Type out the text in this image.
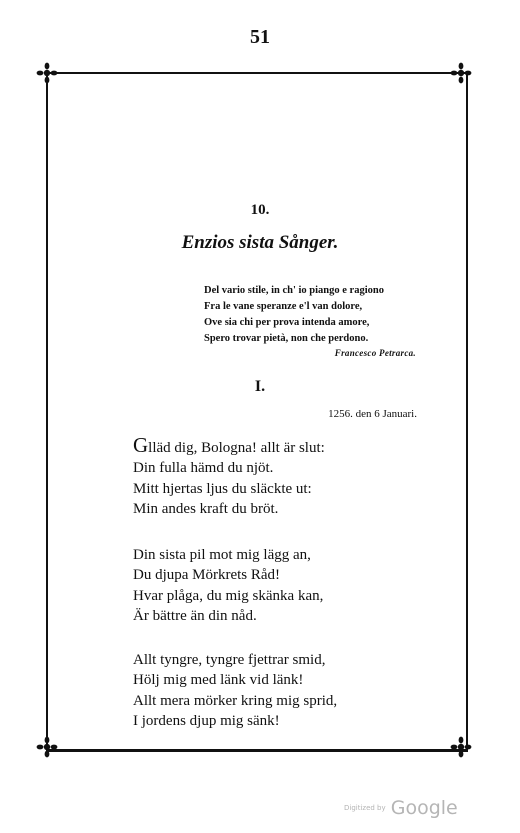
51
10.
Enzios sista Sånger.
Del vario stile, in ch' io piango e ragiono
Fra le vane speranze e'l van dolore,
Ove sia chi per prova intenda amore,
Spero trovar pietà, non che perdono.
Francesco Petrarca.
I.
1256. den 6 Januari.
Glläd dig, Bologna! allt är slut:
Din fulla hämd du njöt.
Mitt hjertas ljus du släckte ut:
Min andes kraft du bröt.
Din sista pil mot mig lägg an,
Du djupa Mörkrets Råd!
Hvar plåga, du mig skänka kan,
Är bättre än din nåd.
Allt tyngre, tyngre fjettrar smid,
Hölj mig med länk vid länk!
Allt mera mörker kring mig sprid,
I jordens djup mig sänk!
Digitized by Google
